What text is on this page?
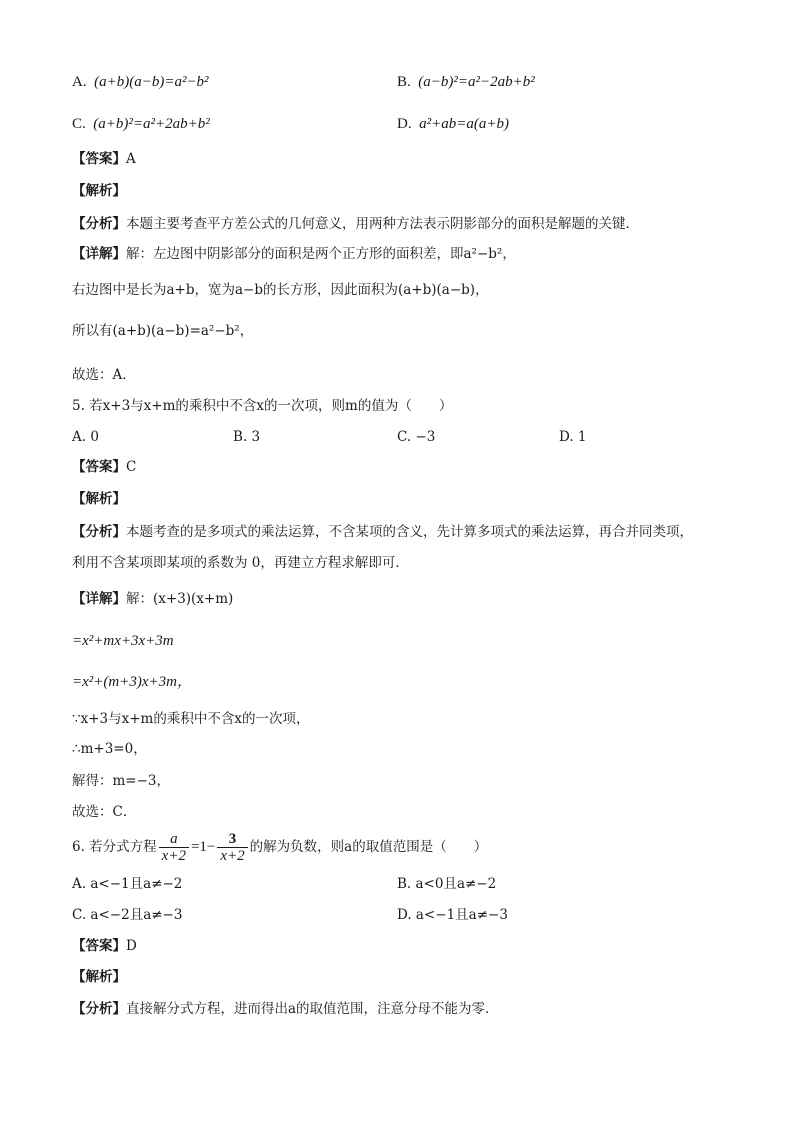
A. (a+b)(a−b)=a²−b²	B. (a−b)²=a²−2ab+b²
C. (a+b)²=a²+2ab+b²	D. a²+ab=a(a+b)
【答案】A
【解析】
【分析】本题主要考查平方差公式的几何意义，用两种方法表示阴影部分的面积是解题的关键．
【详解】解：左边图中阴影部分的面积是两个正方形的面积差，即a²−b²，
右边图中是长为a+b，宽为a−b的长方形，因此面积为(a+b)(a−b)，
所以有(a+b)(a−b)=a²−b²，
故选：A．
5. 若x+3与x+m的乘积中不含x的一次项，则m的值为（　　）
A. 0	B. 3	C. −3	D. 1
【答案】C
【解析】
【分析】本题考查的是多项式的乘法运算，不含某项的含义，先计算多项式的乘法运算，再合并同类项，
利用不含某项即某项的系数为 0，再建立方程求解即可．
【详解】解：(x+3)(x+m)
=x²+mx+3x+3m
=x²+(m+3)x+3m，
∵x+3与x+m的乘积中不含x的一次项，
∴m+3=0，
解得：m=−3，
故选：C．
6. 若分式方程 $\frac{a}{x+2} =1- \frac{3}{x+2}$ 的解为负数，则a的取值范围是（　　）
A. a<−1且a≠−2	B. a<0且a≠−2
C. a<−2且a≠−3	D. a<−1且a≠−3
【答案】D
【解析】
【分析】直接解分式方程，进而得出a的取值范围，注意分母不能为零．
